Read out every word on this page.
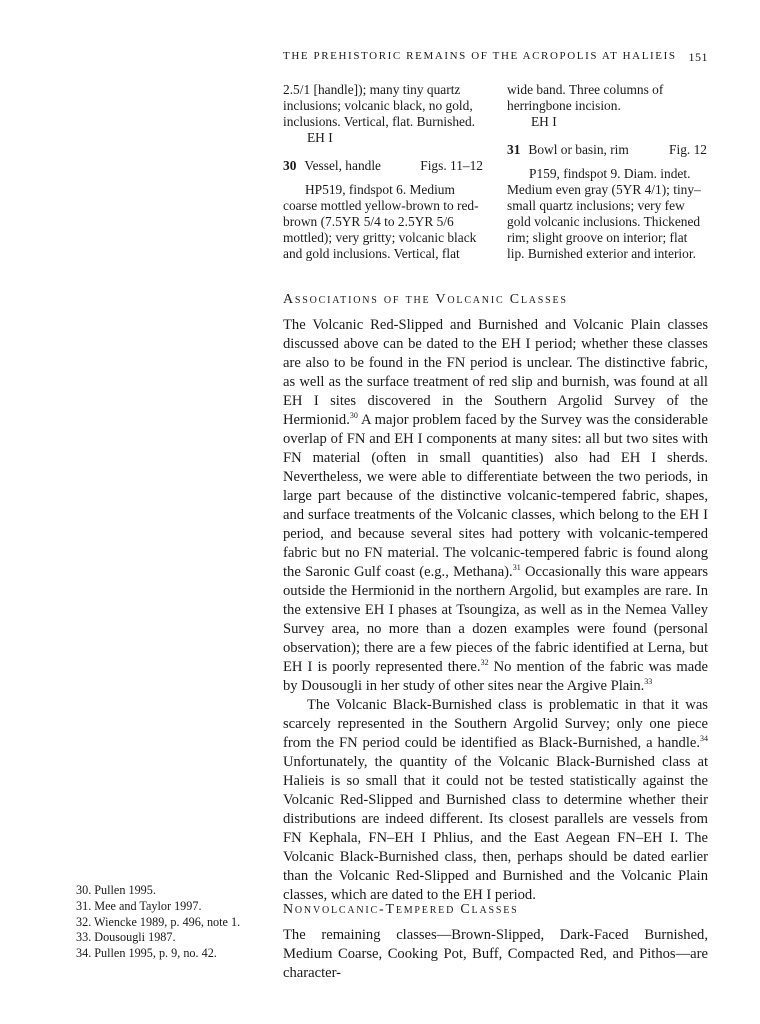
THE PREHISTORIC REMAINS OF THE ACROPOLIS AT HALIEIS 151

2.5/1 [handle]); many tiny quartz inclusions; volcanic black, no gold, inclusions. Vertical, flat. Burnished.

EH I

30 Vessel, handle	Figs. 11–12

HP519, findspot 6. Medium coarse mottled yellow-brown to red-brown (7.5YR 5/4 to 2.5YR 5/6 mottled); very gritty; volcanic black and gold inclusions. Vertical, flat

wide band. Three columns of herringbone incision.

EH I

31 Bowl or basin, rim	Fig. 12

P159, findspot 9. Diam. indet. Medium even gray (5YR 4/1); tiny–small quartz inclusions; very few gold volcanic inclusions. Thickened rim; slight groove on interior; flat lip. Burnished exterior and interior.

Associations of the Volcanic Classes

The Volcanic Red-Slipped and Burnished and Volcanic Plain classes discussed above can be dated to the EH I period; whether these classes are also to be found in the FN period is unclear. The distinctive fabric, as well as the surface treatment of red slip and burnish, was found at all EH I sites discovered in the Southern Argolid Survey of the Hermionid.$^{30}$ A major problem faced by the Survey was the considerable overlap of FN and EH I components at many sites: all but two sites with FN material (often in small quantities) also had EH I sherds. Nevertheless, we were able to differentiate between the two periods, in large part because of the distinctive volcanic-tempered fabric, shapes, and surface treatments of the Volcanic classes, which belong to the EH I period, and because several sites had pottery with volcanic-tempered fabric but no FN material. The volcanic-tempered fabric is found along the Saronic Gulf coast (e.g., Methana).$^{31}$ Occasionally this ware appears outside the Hermionid in the northern Argolid, but examples are rare. In the extensive EH I phases at Tsoungiza, as well as in the Nemea Valley Survey area, no more than a dozen examples were found (personal observation); there are a few pieces of the fabric identified at Lerna, but EH I is poorly represented there.$^{32}$ No mention of the fabric was made by Dousougli in her study of other sites near the Argive Plain.$^{33}$

The Volcanic Black-Burnished class is problematic in that it was scarcely represented in the Southern Argolid Survey; only one piece from the FN period could be identified as Black-Burnished, a handle.$^{34}$ Unfortunately, the quantity of the Volcanic Black-Burnished class at Halieis is so small that it could not be tested statistically against the Volcanic Red-Slipped and Burnished class to determine whether their distributions are indeed different. Its closest parallels are vessels from FN Kephala, FN–EH I Phlius, and the East Aegean FN–EH I. The Volcanic Black-Burnished class, then, perhaps should be dated earlier than the Volcanic Red-Slipped and Burnished and the Volcanic Plain classes, which are dated to the EH I period.

Nonvolcanic-Tempered Classes

The remaining classes—Brown-Slipped, Dark-Faced Burnished, Medium Coarse, Cooking Pot, Buff, Compacted Red, and Pithos—are character-

30. Pullen 1995.
31. Mee and Taylor 1997.
32. Wiencke 1989, p. 496, note 1.
33. Dousougli 1987.
34. Pullen 1995, p. 9, no. 42.
